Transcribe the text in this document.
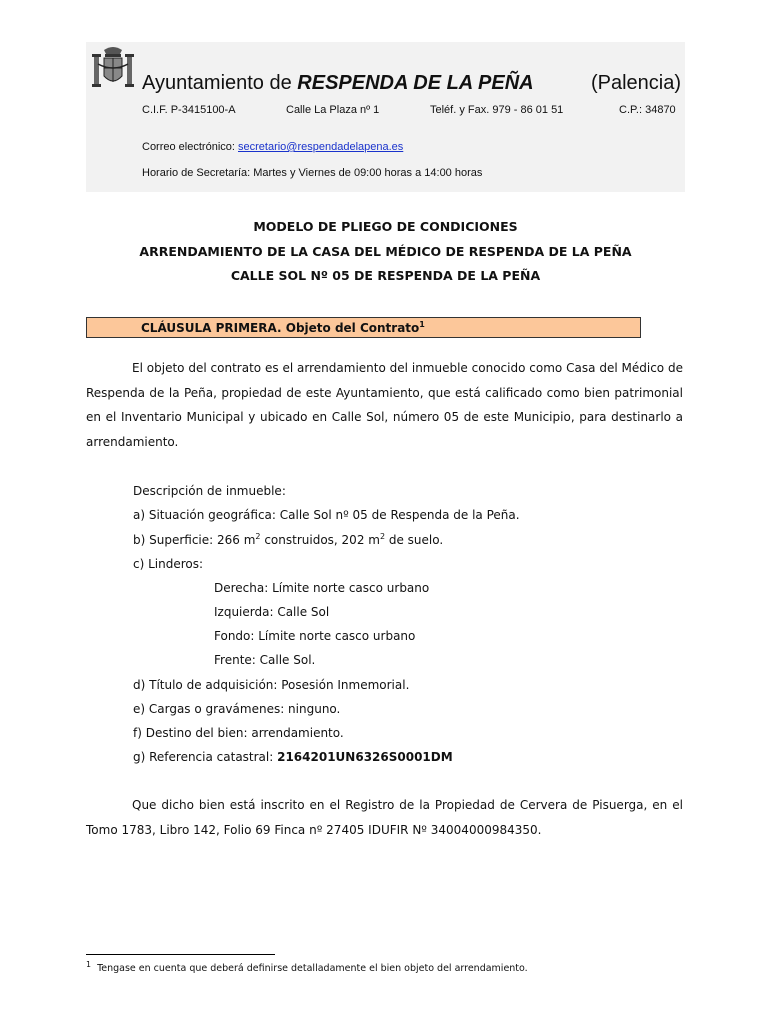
Ayuntamiento de RESPENDA DE LA PEÑA	(Palencia)
C.I.F. P-3415100-A	Calle La Plaza nº 1	Teléf. y Fax. 979 - 86 01 51	C.P.: 34870
Correo electrónico: secretario@respendadelapena.es
Horario de Secretaría: Martes y Viernes de 09:00 horas a 14:00 horas
MODELO DE PLIEGO DE CONDICIONES
ARRENDAMIENTO DE LA CASA DEL MÉDICO DE RESPENDA DE LA PEÑA
CALLE SOL Nº 05 DE RESPENDA DE LA PEÑA
CLÁUSULA PRIMERA. Objeto del Contrato$^1$
El objeto del contrato es el arrendamiento del inmueble conocido como Casa del Médico de Respenda de la Peña, propiedad de este Ayuntamiento, que está calificado como bien patrimonial en el Inventario Municipal y ubicado en Calle Sol, número 05 de este Municipio, para destinarlo a arrendamiento.
Descripción de inmueble:
a) Situación geográfica: Calle Sol nº 05 de Respenda de la Peña.
b) Superficie: 266 $m^2$ construidos, 202 $m^2$ de suelo.
c) Linderos:
Derecha: Límite norte casco urbano
Izquierda: Calle Sol
Fondo: Límite norte casco urbano
Frente: Calle Sol.
d) Título de adquisición: Posesión Inmemorial.
e) Cargas o gravámenes: ninguno.
f) Destino del bien: arrendamiento.
g) Referencia catastral: 2164201UN6326S0001DM
Que dicho bien está inscrito en el Registro de la Propiedad de Cervera de Pisuerga, en el Tomo 1783, Libro 142, Folio 69 Finca nº 27405 IDUFIR Nº 34004000984350.
$^1$ Tengase en cuenta que deberá definirse detalladamente el bien objeto del arrendamiento.
